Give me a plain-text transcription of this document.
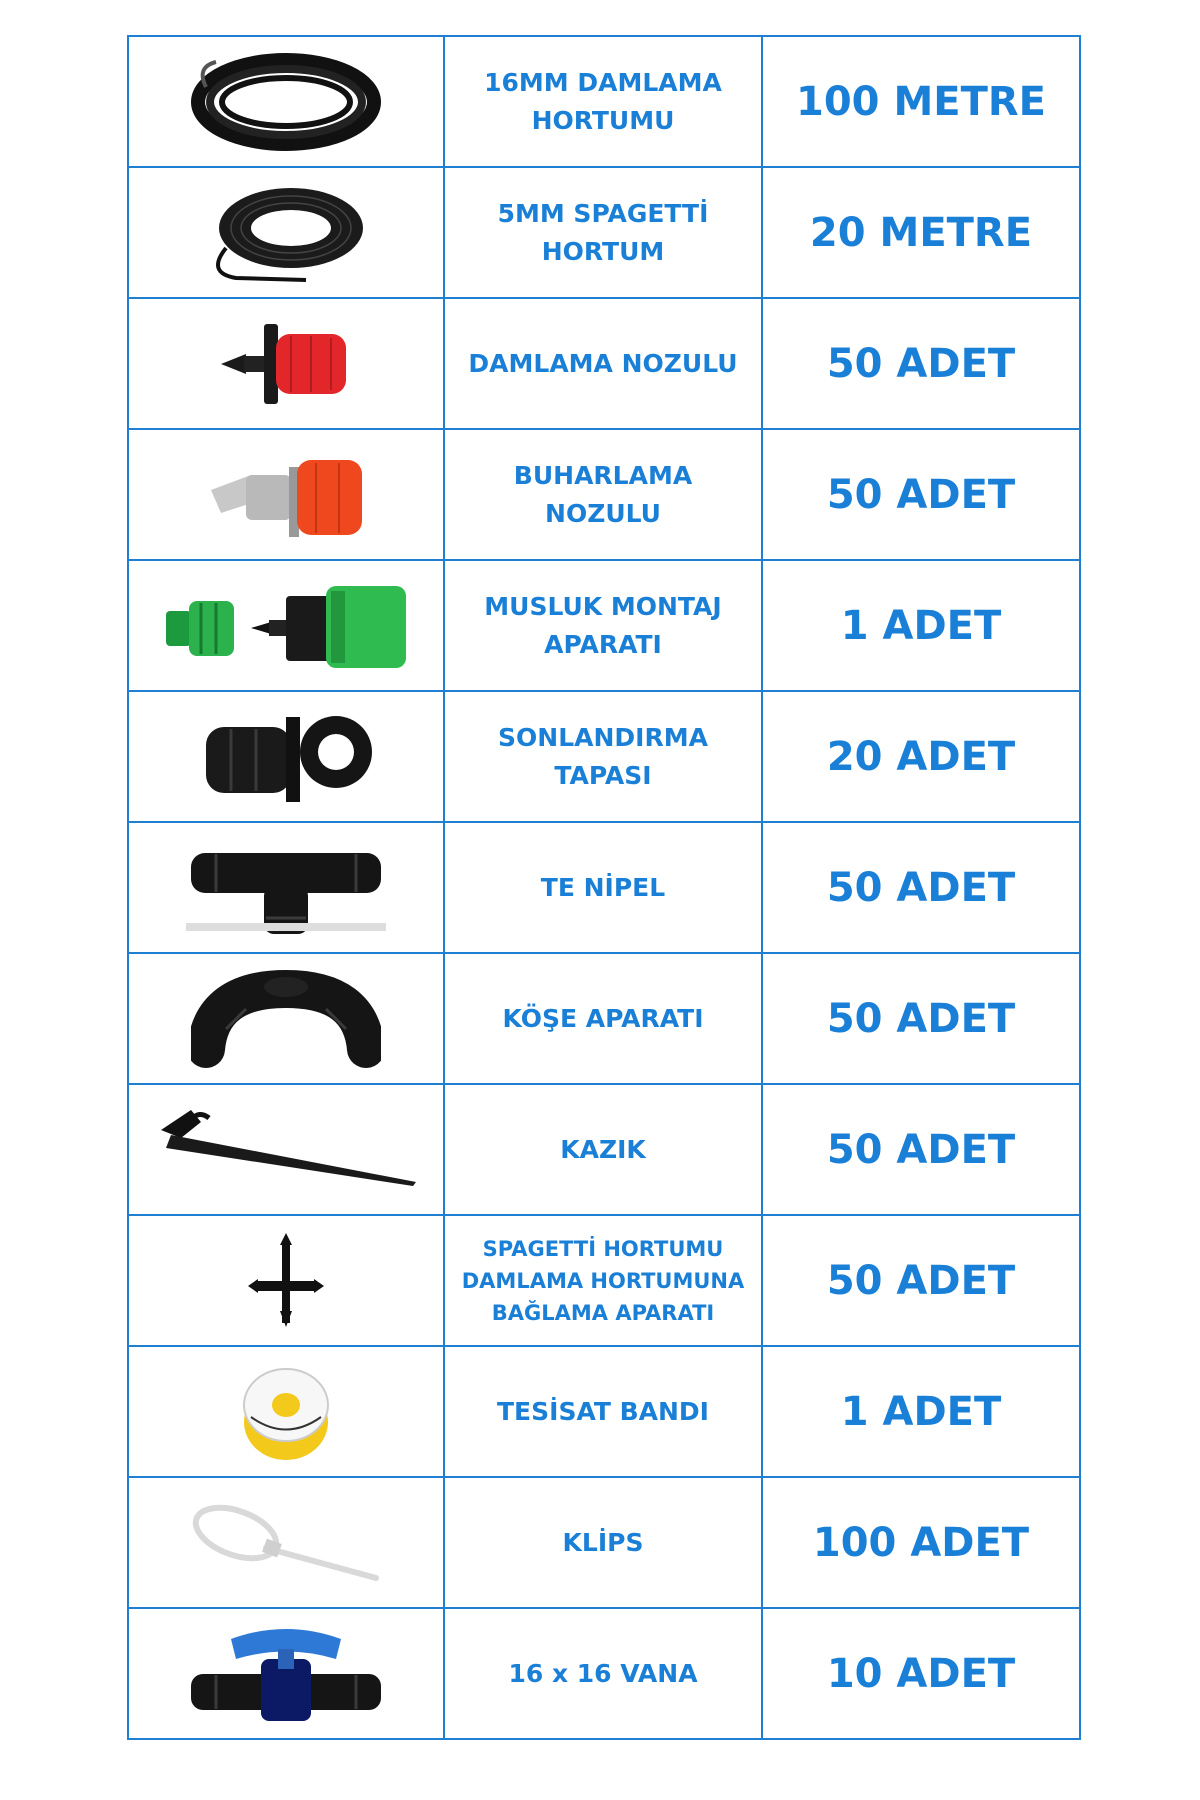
16MM DAMLAMA
HORTUMU	100 METRE

5MM SPAGETTİ
HORTUM	20 METRE

DAMLAMA NOZULU	50 ADET

BUHARLAMA
NOZULU	50 ADET

MUSLUK MONTAJ
APARATI	1 ADET

SONLANDIRMA
TAPASI	20 ADET

TE NİPEL	50 ADET

KÖŞE APARATI	50 ADET

KAZIK	50 ADET

SPAGETTİ HORTUMU
DAMLAMA HORTUMUNA
BAĞLAMA APARATI	50 ADET

TESİSAT BANDI	1 ADET

KLİPS	100 ADET

16 x 16 VANA	10 ADET
